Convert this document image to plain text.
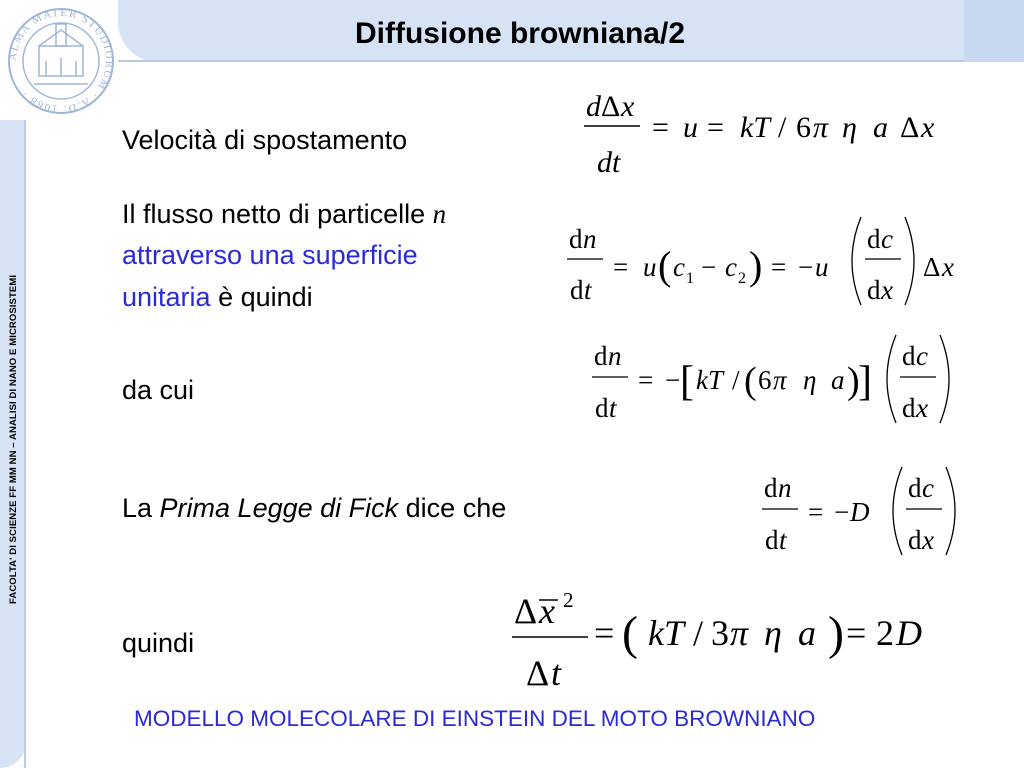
FACOLTA' DI SCIENZE FF MM NN – ANALISI DI NANO E MICROSISTEMI
ALMA MATER STUDIORUM · A.D. 1088 ·
Diffusione browniana/2
Velocità di spostamento
d Δ x
dt
= u = kT / 6 π η a Δ x
Il flusso netto di particelle n
attraverso una superficie
unitaria è quindi
d n
d t
= u ( c 1 − c 2 ) = − u
d c
d x
Δ x
da cui
d n
d t
= − [ kT / ( 6 π η a )
]
d c
d x
La Prima Legge di Fick dice che
d n
d t
= − D
d c
d x
quindi
Δ x 2
Δ t
= ( kT / 3 π η a ) = 2 D
MODELLO MOLECOLARE DI EINSTEIN DEL MOTO BROWNIANO
